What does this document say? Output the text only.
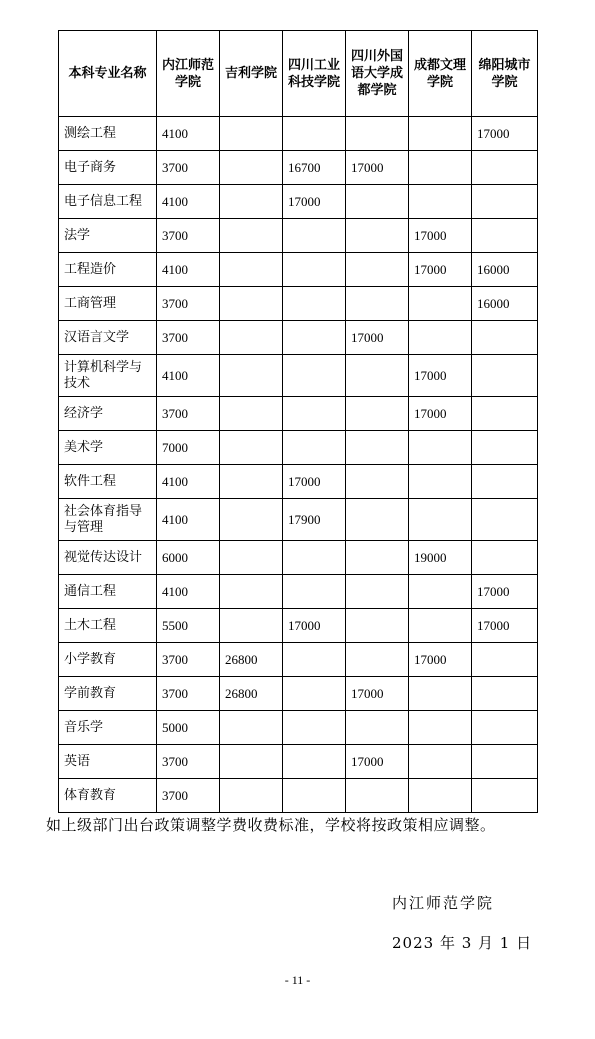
本科专业名称	内江师范学院	吉利学院	四川工业科技学院	四川外国语大学成都学院	成都文理学院	绵阳城市学院
测绘工程	4100					17000
电子商务	3700		16700	17000		
电子信息工程	4100		17000			
法学	3700				17000	
工程造价	4100				17000	16000
工商管理	3700					16000
汉语言文学	3700			17000		
计算机科学与技术	4100				17000	
经济学	3700				17000	
美术学	7000					
软件工程	4100		17000			
社会体育指导与管理	4100		17900			
视觉传达设计	6000				19000	
通信工程	4100					17000
土木工程	5500		17000			17000
小学教育	3700	26800			17000	
学前教育	3700	26800		17000		
音乐学	5000					
英语	3700			17000		
体育教育	3700					
如上级部门出台政策调整学费收费标准，学校将按政策相应调整。
内江师范学院
2023 年 3 月 1 日
- 11 -
